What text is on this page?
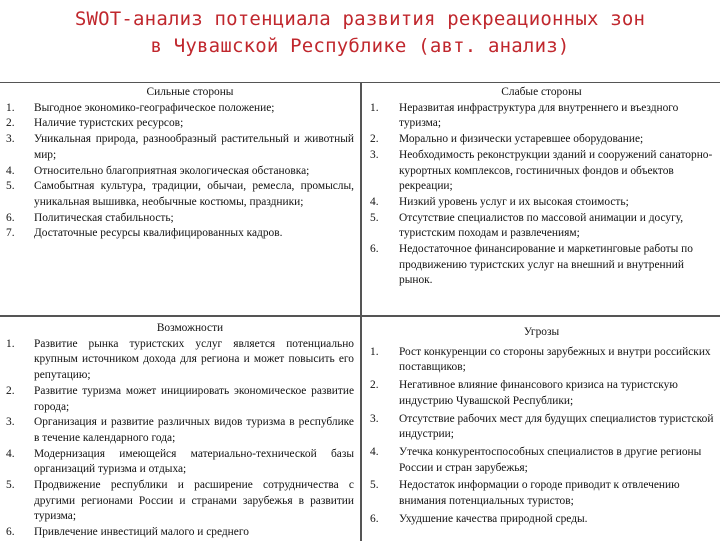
SWOT-анализ потенциала развития рекреационных зон
в Чувашской Республике (авт. анализ)
Сильные стороны
1. Выгодное экономико-географическое положение;
2. Наличие туристских ресурсов;
3. Уникальная природа, разнообразный растительный и животный мир;
4. Относительно благоприятная экологическая обстановка;
5. Самобытная культура, традиции, обычаи, ремесла, промыслы, уникальная вышивка, необычные костюмы, праздники;
6. Политическая стабильность;
7. Достаточные ресурсы квалифицированных кадров.
Слабые стороны
1. Неразвитая инфраструктура для внутреннего и въездного туризма;
2. Морально и физически устаревшее оборудование;
3. Необходимость реконструкции зданий и сооружений санаторно-курортных комплексов, гостиничных фондов и объектов рекреации;
4. Низкий уровень услуг и их высокая стоимость;
5. Отсутствие специалистов по массовой анимации и досугу, туристским походам и развлечениям;
6. Недостаточное финансирование и маркетинговые работы по продвижению туристских услуг на внешний и внутренний рынок.
Возможности
1. Развитие рынка туристских услуг является потенциально крупным источником дохода для региона и может повысить его репутацию;
2. Развитие туризма может инициировать экономическое развитие города;
3. Организация и развитие различных видов туризма в республике в течение календарного года;
4. Модернизация имеющейся материально-технической базы организаций туризма и отдыха;
5. Продвижение республики и расширение сотрудничества с другими регионами России и странами зарубежья в развитии туризма;
6. Привлечение инвестиций малого и среднего
Угрозы
1. Рост конкуренции со стороны зарубежных и внутри российских поставщиков;
2. Негативное влияние финансового кризиса на туристскую индустрию Чувашской Республики;
3. Отсутствие рабочих мест для будущих специалистов туристской индустрии;
4. Утечка конкурентоспособных специалистов в другие регионы России и стран зарубежья;
5. Недостаток информации о городе приводит к отвлечению внимания потенциальных туристов;
6. Ухудшение качества природной среды.
